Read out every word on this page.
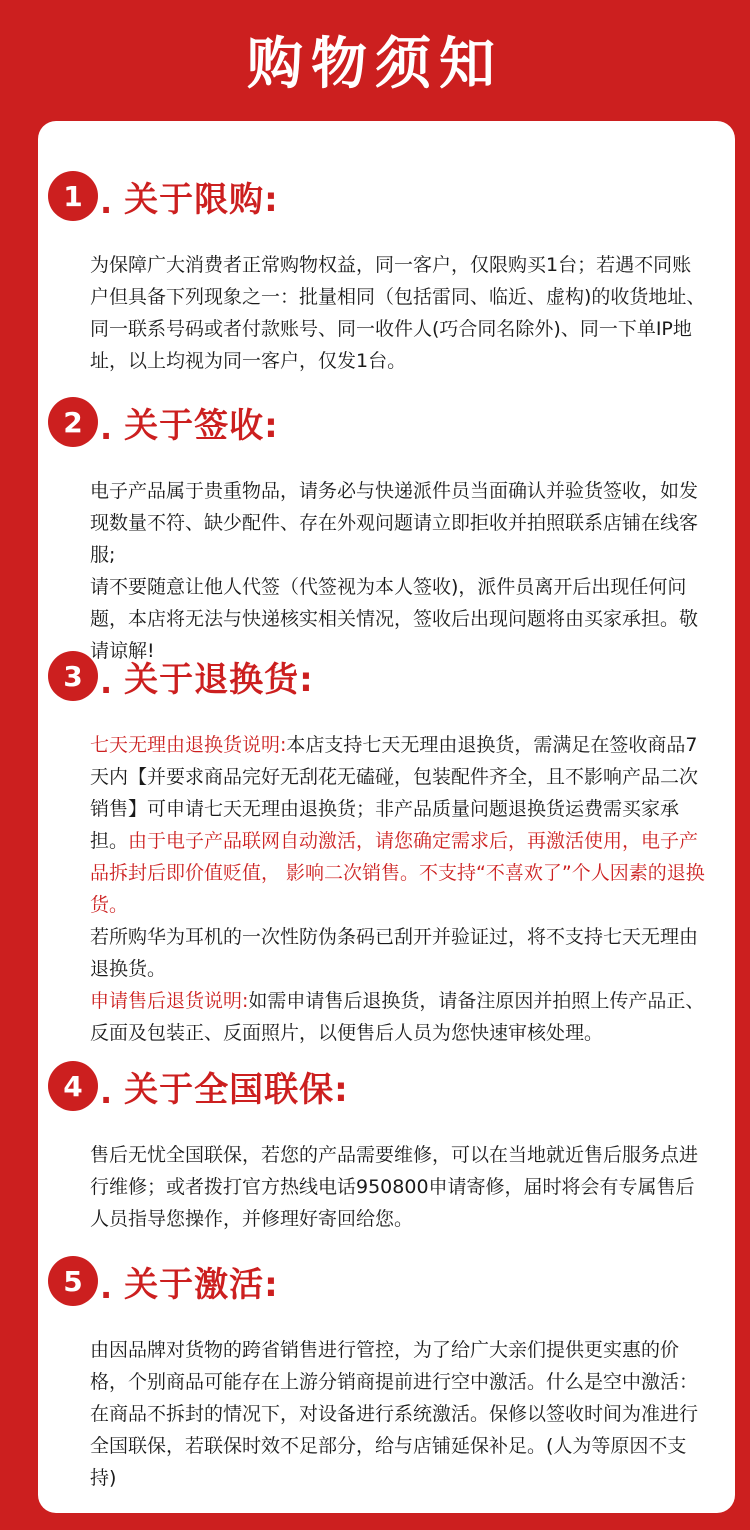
购物须知
1 . 关于限购:

为保障广大消费者正常购物权益，同一客户，仅限购买1台；若遇不同账户但具备下列现象之一：批量相同（包括雷同、临近、虚构)的收货地址、同一联系号码或者付款账号、同一收件人(巧合同名除外)、同一下单IP地址，以上均视为同一客户，仅发1台。

2 . 关于签收:

电子产品属于贵重物品，请务必与快递派件员当面确认并验货签收，如发现数量不符、缺少配件、存在外观问题请立即拒收并拍照联系店铺在线客服;

请不要随意让他人代签（代签视为本人签收)，派件员离开后出现任何问题，本店将无法与快递核实相关情况，签收后出现问题将由买家承担。敬请谅解!

3 . 关于退换货:

七天无理由退换货说明:本店支持七天无理由退换货，需满足在签收商品7天内【并要求商品完好无刮花无磕碰，包装配件齐全，且不影响产品二次销售】可申请七天无理由退换货；非产品质量问题退换货运费需买家承担。由于电子产品联网自动激活，请您确定需求后，再激活使用，电子产品拆封后即价值贬值， 影响二次销售。不支持“不喜欢了”个人因素的退换货。

若所购华为耳机的一次性防伪条码已刮开并验证过，将不支持七天无理由退换货。

申请售后退货说明:如需申请售后退换货，请备注原因并拍照上传产品正、反面及包装正、反面照片，以便售后人员为您快速审核处理。

4 . 关于全国联保:

售后无忧全国联保，若您的产品需要维修，可以在当地就近售后服务点进行维修；或者拨打官方热线电话950800申请寄修，届时将会有专属售后人员指导您操作，并修理好寄回给您。

5 . 关于激活:

由因品牌对货物的跨省销售进行管控，为了给广大亲们提供更实惠的价格，个别商品可能存在上游分销商提前进行空中激活。什么是空中激活：在商品不拆封的情况下，对设备进行系统激活。保修以签收时间为准进行全国联保，若联保时效不足部分，给与店铺延保补足。(人为等原因不支持)
